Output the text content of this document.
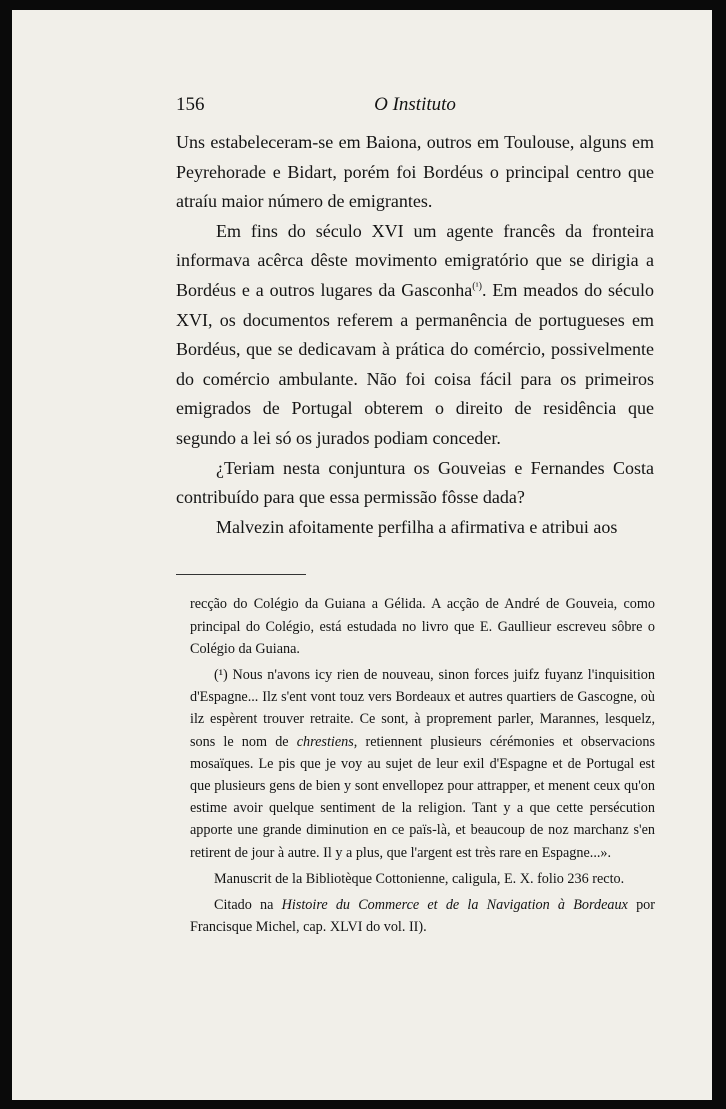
156	O Instituto

Uns estabeleceram-se em Baiona, outros em Toulouse, alguns em Peyrehorade e Bidart, porém foi Bordéus o principal centro que atraíu maior número de emigrantes.

Em fins do século XVI um agente francês da fronteira informava acêrca dêste movimento emigratório que se dirigia a Bordéus e a outros lugares da Gasconha$^{(^1)}$. Em meados do século XVI, os documentos referem a permanência de portugueses em Bordéus, que se dedicavam à prática do comércio, possivelmente do comércio ambulante. Não foi coisa fácil para os primeiros emigrados de Portugal obterem o direito de residência que segundo a lei só os jurados podiam conceder.

¿Teriam nesta conjuntura os Gouveias e Fernandes Costa contribuído para que essa permissão fôsse dada?

Malvezin afoitamente perfilha a afirmativa e atribui aos

recção do Colégio da Guiana a Gélida. A acção de André de Gouveia, como principal do Colégio, está estudada no livro que E. Gaullieur escreveu sôbre o Colégio da Guiana.

(¹) Nous n'avons icy rien de nouveau, sinon forces juifz fuyanz l'inquisition d'Espagne... Ilz s'ent vont touz vers Bordeaux et autres quartiers de Gascogne, où ilz espèrent trouver retraite. Ce sont, à proprement parler, Marannes, lesquelz, sons le nom de chrestiens, retiennent plusieurs cérémonies et observacions mosaïques. Le pis que je voy au sujet de leur exil d'Espagne et de Portugal est que plusieurs gens de bien y sont envellopez pour attrapper, et menent ceux qu'on estime avoir quelque sentiment de la religion. Tant y a que cette persécution apporte une grande diminution en ce païs-là, et beaucoup de noz marchanz s'en retirent de jour à autre. Il y a plus, que l'argent est très rare en Espagne...».

Manuscrit de la Bibliotèque Cottonienne, caligula, E. X. folio 236 recto.

Citado na Histoire du Commerce et de la Navigation à Bordeaux por Francisque Michel, cap. XLVI do vol. II).
